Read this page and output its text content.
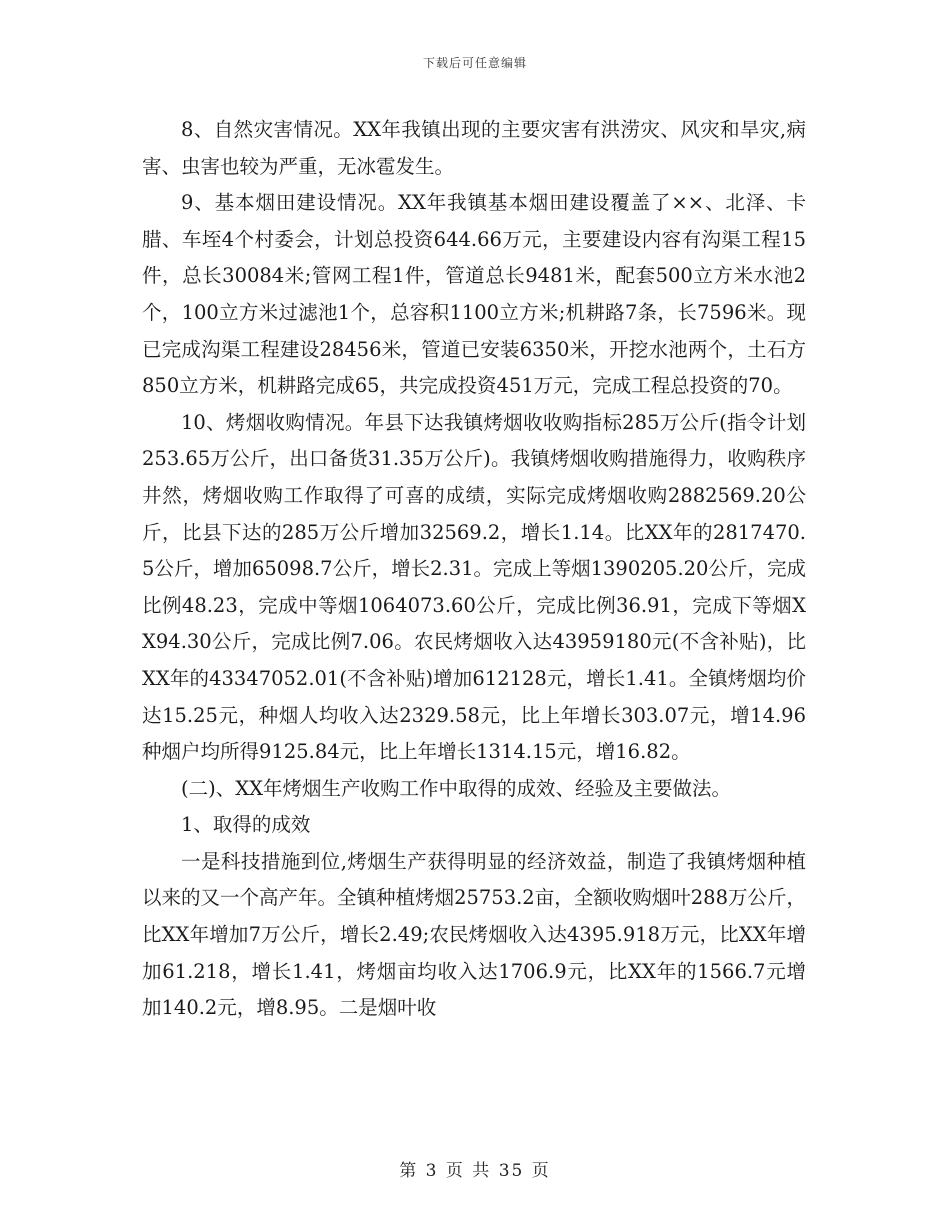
下载后可任意编辑

8、自然灾害情况。XX年我镇出现的主要灾害有洪涝灾、风灾和旱灾,病害、虫害也较为严重，无冰雹发生。

9、基本烟田建设情况。XX年我镇基本烟田建设覆盖了××、北泽、卡腊、车垤4个村委会，计划总投资644.66万元，主要建设内容有沟渠工程15件，总长30084米;管网工程1件，管道总长9481米，配套500立方米水池2个，100立方米过滤池1个，总容积1100立方米;机耕路7条，长7596米。现已完成沟渠工程建设28456米，管道已安装6350米，开挖水池两个，土石方850立方米，机耕路完成65，共完成投资451万元，完成工程总投资的70。

10、烤烟收购情况。年县下达我镇烤烟收收购指标285万公斤(指令计划253.65万公斤，出口备货31.35万公斤)。我镇烤烟收购措施得力，收购秩序井然，烤烟收购工作取得了可喜的成绩，实际完成烤烟收购2882569.20公斤，比县下达的285万公斤增加32569.2，增长1.14。比XX年的2817470.5公斤，增加65098.7公斤，增长2.31。完成上等烟1390205.20公斤，完成比例48.23，完成中等烟1064073.60公斤，完成比例36.91，完成下等烟XX94.30公斤，完成比例7.06。农民烤烟收入达43959180元(不含补贴)，比XX年的43347052.01(不含补贴)增加612128元，增长1.41。全镇烤烟均价达15.25元，种烟人均收入达2329.58元，比上年增长303.07元，增14.96种烟户均所得9125.84元，比上年增长1314.15元，增16.82。

(二)、XX年烤烟生产收购工作中取得的成效、经验及主要做法。

1、取得的成效

一是科技措施到位,烤烟生产获得明显的经济效益，制造了我镇烤烟种植以来的又一个高产年。全镇种植烤烟25753.2亩，全额收购烟叶288万公斤，比XX年增加7万公斤，增长2.49;农民烤烟收入达4395.918万元，比XX年增加61.218，增长1.41，烤烟亩均收入达1706.9元，比XX年的1566.7元增加140.2元，增8.95。二是烟叶收

第 3 页 共 35 页
